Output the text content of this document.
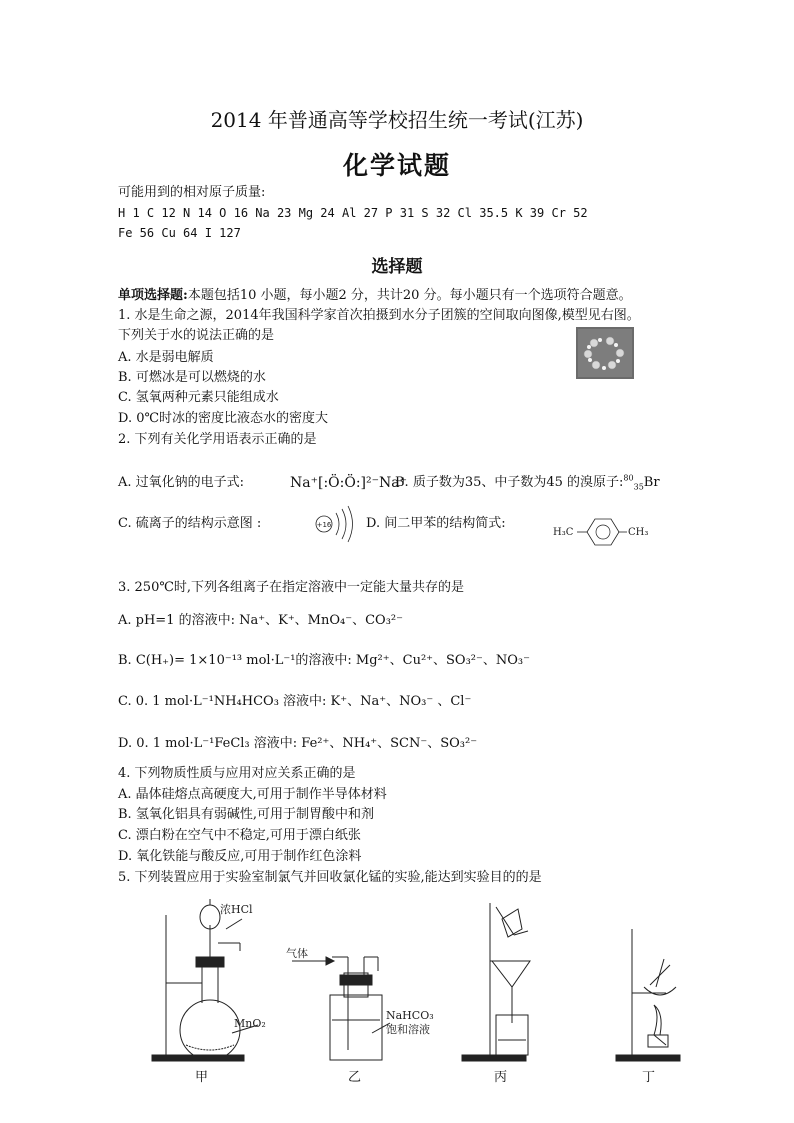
2014 年普通高等学校招生统一考试(江苏)
化学试题
可能用到的相对原子质量:
H 1 C 12 N 14 O 16 Na 23 Mg 24 Al 27 P 31 S 32 Cl 35.5 K 39 Cr 52
Fe 56 Cu 64 I 127
选择题
单项选择题:本题包括10 小题，每小题2 分，共计20 分。每小题只有一个选项符合题意。
1. 水是生命之源，2014年我国科学家首次拍摄到水分子团簇的空间取向图像,模型见右图。
下列关于水的说法正确的是
A. 水是弱电解质
B. 可燃冰是可以燃烧的水
C. 氢氧两种元素只能组成水
D. 0℃时冰的密度比液态水的密度大
2. 下列有关化学用语表示正确的是
A. 过氧化钠的电子式:	Na⁺[:Ö:Ö:]²⁻Na⁺
B. 质子数为35、中子数为45 的溴原子:$^{80}_{35}$Br
C. 硫离子的结构示意图 :	+16	D. 间二甲苯的结构简式:
H₃C	CH₃
3. 250℃时,下列各组离子在指定溶液中一定能大量共存的是
A. pH=1 的溶液中: Na⁺、K⁺、MnO₄⁻、CO₃²⁻
B. C(H₊)= 1×10⁻¹³ mol·L⁻¹的溶液中: Mg²⁺、Cu²⁺、SO₃²⁻、NO₃⁻
C. 0. 1 mol·L⁻¹NH₄HCO₃ 溶液中: K⁺、Na⁺、NO₃⁻ 、Cl⁻
D. 0. 1 mol·L⁻¹FeCl₃ 溶液中: Fe²⁺、NH₄⁺、SCN⁻、SO₃²⁻
4. 下列物质性质与应用对应关系正确的是
A. 晶体硅熔点高硬度大,可用于制作半导体材料
B. 氢氧化铝具有弱碱性,可用于制胃酸中和剂
C. 漂白粉在空气中不稳定,可用于漂白纸张
D. 氧化铁能与酸反应,可用于制作红色涂料
5. 下列装置应用于实验室制氯气并回收氯化锰的实验,能达到实验目的的是
浓HCl
MnO₂
气体
NaHCO₃
饱和溶液
甲	乙	丙	丁
